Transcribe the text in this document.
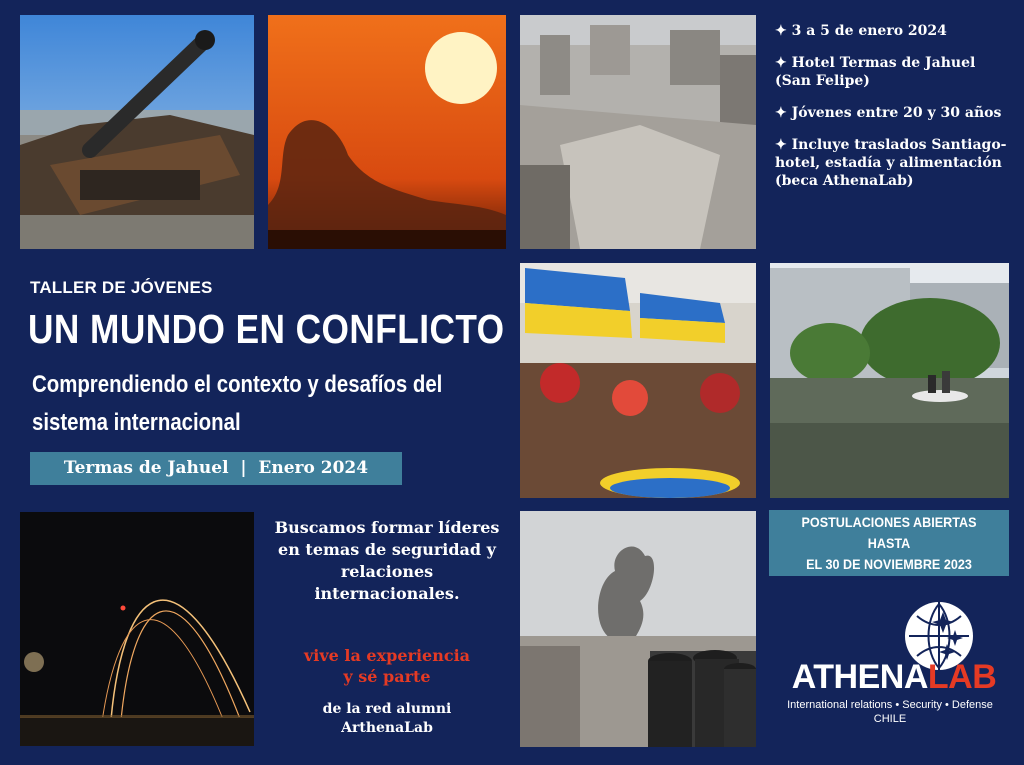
✦ 3 a 5 de enero 2024
✦ Hotel Termas de Jahuel (San Felipe)
✦ Jóvenes entre 20 y 30 años
✦ Incluye traslados Santiago-hotel, estadía y alimentación (beca AthenaLab)
TALLER DE JÓVENES
UN MUNDO EN CONFLICTO
Comprendiendo el contexto y desafíos del sistema internacional
Termas de Jahuel  |  Enero 2024
Buscamos formar líderes en temas de seguridad y relaciones internacionales.
vive la experiencia
y sé parte
de la red alumni
ArthenaLab
POSTULACIONES ABIERTAS HASTA
EL 30 DE NOVIEMBRE 2023
ATHENALAB
International relations • Security • Defense
CHILE
